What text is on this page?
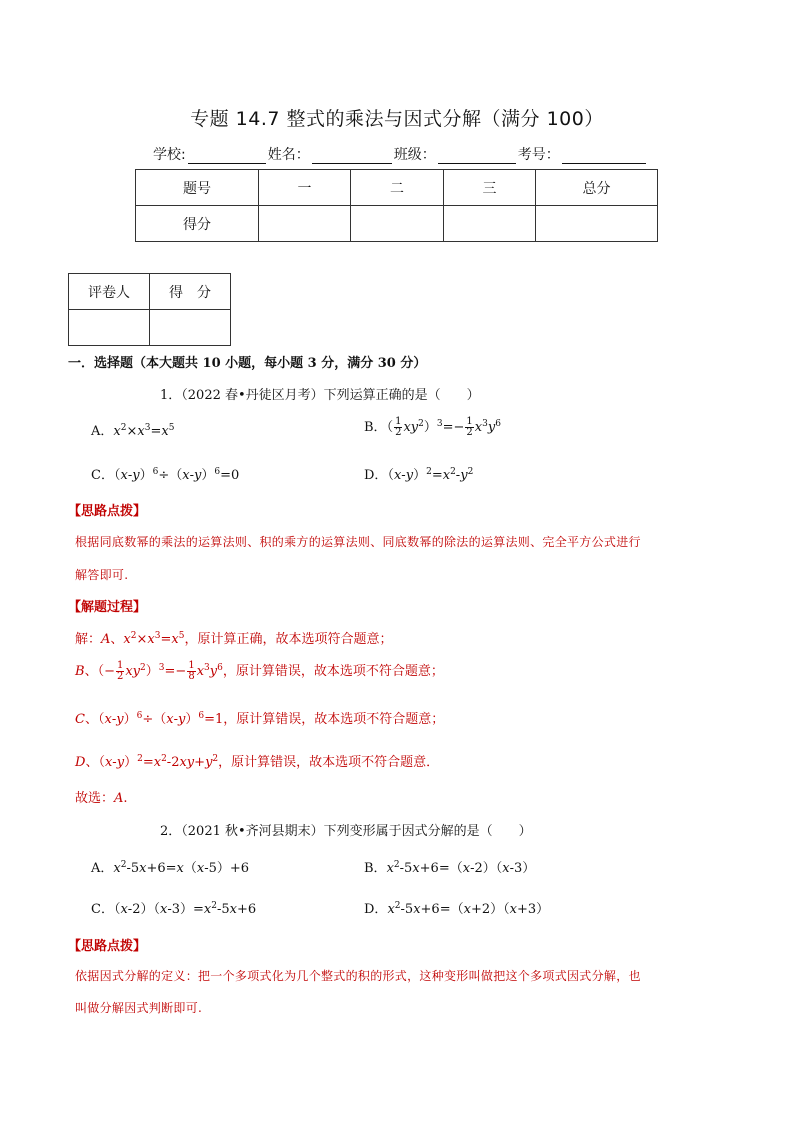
专题 14.7 整式的乘法与因式分解（满分 100）
学校:	姓名：	班级：	考号：
题号	一	二	三	总分
得分				
评卷人	得　分

一．选择题（本大题共 10 小题，每小题 3 分，满分 30 分）
1．（2022 春•丹徒区月考）下列运算正确的是（　　）
A．$x^2\times x^3=x^5$	B．（ $\frac{1}{2} xy^2)^3=- \frac{1}{2} x^3y^6$
C．$(x-y)^6\div(x-y)^6=0$	D．$(x-y)^2=x^2-y^2$
【思路点拨】
根据同底数幂的乘法的运算法则、积的乘方的运算法则、同底数幂的除法的运算法则、完全平方公式进行
解答即可.
【解题过程】
解：A、$x^2\times x^3=x^5$，原计算正确，故本选项符合题意；
B、（− $\frac{1}{2} xy^2)^3=- \frac{1}{8} x^3y^6$，原计算错误，故本选项不符合题意；
C、$(x-y)^6\div(x-y)^6=1$，原计算错误，故本选项不符合题意；
D、$(x-y)^2=x^2-2xy+y^2$，原计算错误，故本选项不符合题意．
故选：A.
2．（2021 秋•齐河县期末）下列变形属于因式分解的是（　　）
A．$x^2-5x+6=x(x-5)+6$	B．$x^2-5x+6=(x-2)(x-3)$
C．$(x-2)(x-3)=x^2-5x+6$	D．$x^2-5x+6=(x+2)(x+3)$
【思路点拨】
依据因式分解的定义：把一个多项式化为几个整式的积的形式，这种变形叫做把这个多项式因式分解，也
叫做分解因式判断即可.
